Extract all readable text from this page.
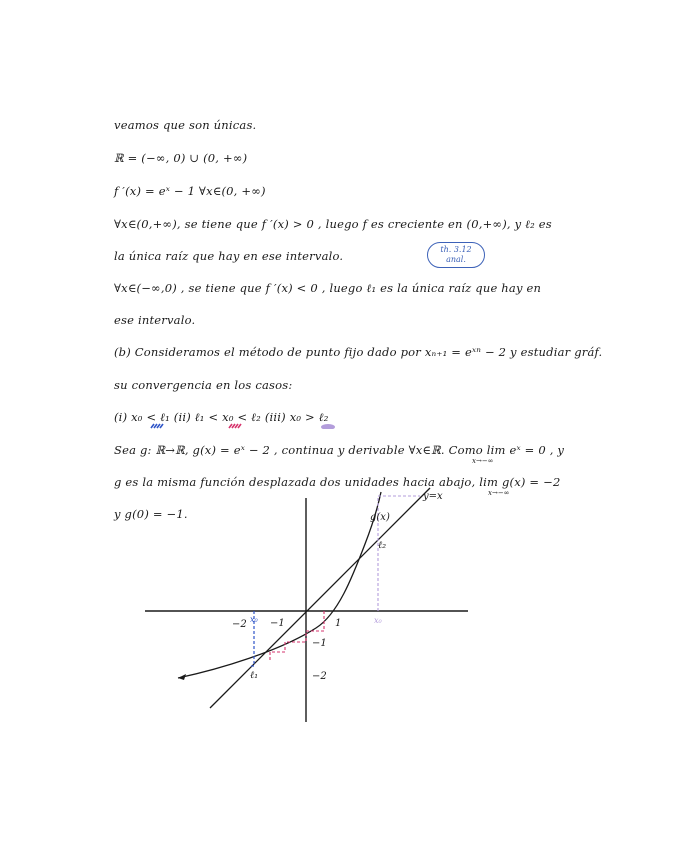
veamos que son únicas.
ℝ = (−∞, 0) ∪ (0, +∞)
f ′(x) = eˣ − 1 ∀x∈(0, +∞)
∀x∈(0,+∞), se tiene que f ′(x) > 0 , luego f es creciente en (0,+∞), y ℓ₂ es
la única raíz que hay en ese intervalo.	th. 3.12
anal.
∀x∈(−∞,0) , se tiene que f ′(x) < 0 , luego ℓ₁ es la única raíz que hay en
ese intervalo.
(b) Consideramos el método de punto fijo dado por xₙ₊₁ = eˣⁿ − 2 y estudiar gráf.
su convergencia en los casos:
(i) x₀ < ℓ₁ (ii) ℓ₁ < x₀ < ℓ₂ (iii) x₀ > ℓ₂
Sea g: ℝ→ℝ, g(x) = eˣ − 2 , continua y derivable ∀x∈ℝ. Como lim eˣ = 0 , y
x→−∞
g es la misma función desplazada dos unidades hacia abajo, lim g(x) = −2
x→−∞
y g(0) = −1.
y=x
g(x)
ℓ₂
ℓ₁
x₀	x₀
−2 −1	1
−1
−2
